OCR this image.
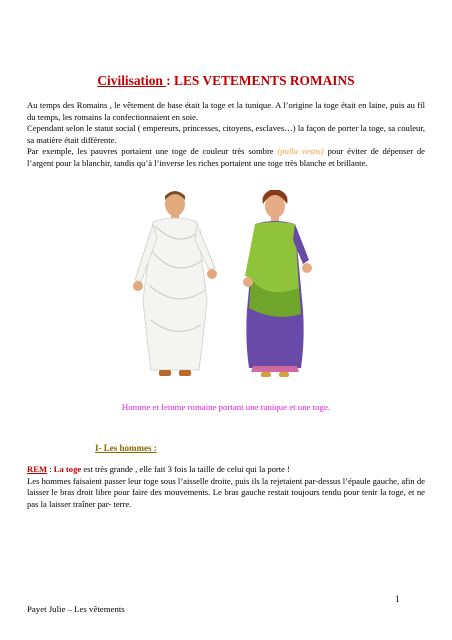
Civilisation : LES VETEMENTS ROMAINS
Au temps des Romains , le vêtement de base était la toge et la tunique. A l’origine la toge était en laine, puis au fil du temps, les romains la confectionnaient en soie.
Cependant selon le statut social ( empereurs, princesses, citoyens, esclaves…) la façon de porter la toge, sa couleur, sa matière était différente.
Par exemple, les pauvres portaient une toge de couleur très sombre (pulla vestis) pour éviter de dépenser de l’argent pour la blanchir, tandis qu’à l’inverse les riches portaient une toge très blanche et brillante.
Homme et femme romaine portant une tunique et une toge.
I- Les hommes :
REM : La toge est très grande , elle fait 3 fois la taille de celui qui la porte !
Les hommes faisaient passer leur toge sous l’aisselle droite, puis ils la rejetaient par-dessus l’épaule gauche, afin de laisser le bras droit libre pour faire des mouvements. Le bras gauche restait toujours tendu pour tenir la toge, et ne pas la laisser traîner par- terre.
1
Payet Julie – Les vêtements
